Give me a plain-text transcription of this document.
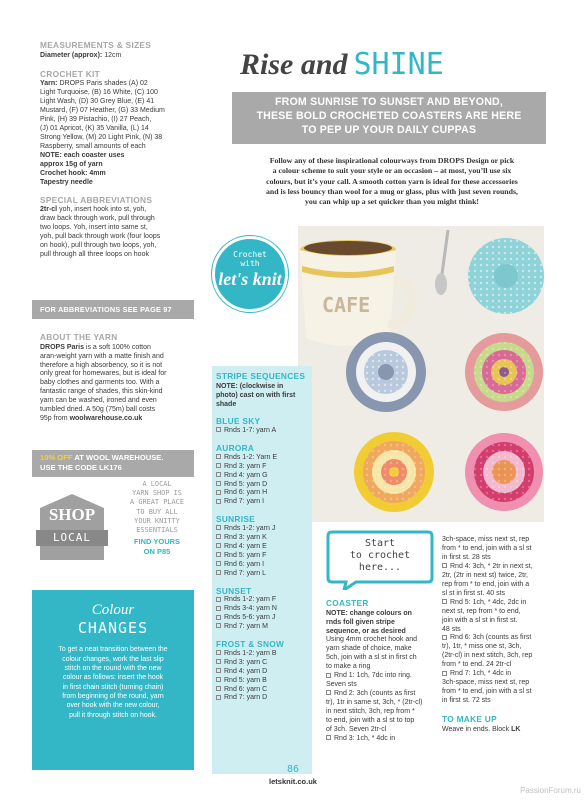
MEASUREMENTS & SIZES
Diameter (approx): 12cm
CROCHET KIT
Yarn: DROPS Paris shades (A) 02
Light Turquoise, (B) 16 White, (C) 100
Light Wash, (D) 30 Grey Blue, (E) 41
Mustard, (F) 07 Heather, (G) 33 Medium
Pink, (H) 39 Pistachio, (I) 27 Peach,
(J) 01 Apricot, (K) 35 Vanilla, (L) 14
Strong Yellow, (M) 20 Light Pink, (N) 38
Raspberry, small amounts of each
NOTE: each coaster uses
approx 15g of yarn
Crochet hook: 4mm
Tapestry needle
SPECIAL ABBREVIATIONS
2tr-cl yoh, insert hook into st, yoh,
draw back through work, pull through
two loops. Yoh, insert into same st,
yoh, pull back through work (four loops
on hook), pull through two loops, yoh,
pull through all three loops on hook
FOR ABBREVIATIONS SEE PAGE 97
ABOUT THE YARN
DROPS Paris is a soft 100% cotton
aran-weight yarn with a matte finish and
therefore a high absorbency, so it is not
only great for homewares, but is ideal for
baby clothes and garments too. With a
fantastic range of shades, this skin-kind
yarn can be washed, ironed and even
tumbled dried. A 50g (75m) ball costs
95p from woolwarehouse.co.uk
10% OFF AT WOOL WAREHOUSE.
USE THE CODE LK176
SHOP
LOCAL
A LOCAL
YARN SHOP IS
A GREAT PLACE
TO BUY ALL
YOUR KNITTY
ESSENTIALS
FIND YOURS
ON P85
Colour
CHANGES
To get a neat transition between the
colour changes, work the last slip
stitch on the round with the new
colour as follows: insert the hook
in first chain stitch (turning chain)
from beginning of the round, yarn
over hook with the new colour,
pull it through stitch on hook.
Rise and SHINE
FROM SUNRISE TO SUNSET AND BEYOND,
THESE BOLD CROCHETED COASTERS ARE HERE
TO PEP UP YOUR DAILY CUPPAS
Follow any of these inspirational colourways from DROPS Design or pick
a colour scheme to suit your style or an occasion – at most, you’ll use six
colours, but it’s your call. A smooth cotton yarn is ideal for these accessories
and is less bouncy than wool for a mug or glass, plus with just seven rounds,
you can whip up a set quicker than you might think!
Crochet
with
let's knit
CAFE
STRIPE SEQUENCES
NOTE: (clockwise in
photo) cast on with first
shade
BLUE SKY
Rnds 1-7: yarn A
AURORA
Rnds 1-2: Yarn E
Rnd 3: yarn F
Rnd 4: yarn G
Rnd 5: yarn D
Rnd 6: yarn H
Rnd 7: yarn I
SUNRISE
Rnds 1-2: yarn J
Rnd 3: yarn K
Rnd 4: yarn E
Rnd 5: yarn F
Rnd 6: yarn I
Rnd 7: yarn L
SUNSET
Rnds 1-2: yarn F
Rnds 3-4: yarn N
Rnds 5-6: yarn J
Rnd 7: yarn M
FROST & SNOW
Rnds 1-2: yarn B
Rnd 3: yarn C
Rnd 4: yarn D
Rnd 5: yarn B
Rnd 6: yarn C
Rnd 7: yarn D
Start
to crochet
here...
COASTER
NOTE: change colours on
rnds foll given stripe
sequence, or as desired
Using 4mm crochet hook and
yarn shade of choice, make
5ch, join with a sl st in first ch
to make a ring
Rnd 1: 1ch, 7dc into ring.
Seven sts
Rnd 2: 3ch (counts as first
tr), 1tr in same st, 3ch, * (2tr-cl)
in next stitch, 3ch, rep from *
to end, join with a sl st to top
of 3ch. Seven 2tr-cl
Rnd 3: 1ch, * 4dc in
3ch-space, miss next st, rep
from * to end, join with a sl st
in first st. 28 sts
Rnd 4: 3ch, * 2tr in next st,
2tr, (2tr in next st) twice, 2tr,
rep from * to end, join with a
sl st in first st. 40 sts
Rnd 5: 1ch, * 4dc, 2dc in
next st, rep from * to end,
join with a sl st in first st.
48 sts
Rnd 6: 3ch (counts as first
tr), 1tr, * miss one st, 3ch,
(2tr-cl) in next stitch, 3ch, rep
from * to end. 24 2tr-cl
Rnd 7: 1ch, * 4dc in
3ch-space, miss next st, rep
from * to end, join with a sl st
in first st. 72 sts
TO MAKE UP
Weave in ends. Block LK
86
letsknit.co.uk
PassionForum.ru
